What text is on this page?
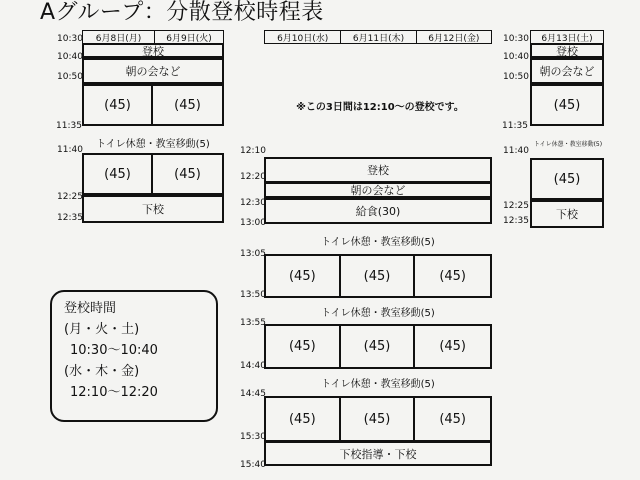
Aグループ：分散登校時程表
10:30	6月8日(月)	6月9日(火)
登校
10:40
朝の会など
10:50
(45)	(45)
11:35
トイレ休憩・教室移動(5)
11:40
(45)	(45)
12:25
下校
12:35
6月10日(水)	6月11日(木)	6月12日(金)
※この3日間は12:10～の登校です。
12:10
登校
12:20
朝の会など
12:30
給食(30)
13:00
トイレ休憩・教室移動(5)
13:05
(45)	(45)	(45)
13:50
トイレ休憩・教室移動(5)
13:55
(45)	(45)	(45)
14:40
トイレ休憩・教室移動(5)
14:45
(45)	(45)	(45)
15:30
下校指導・下校
15:40
10:30	6月13日(土)
登校
10:40
朝の会など
10:50
(45)
11:35
トイレ休憩・教室移動(5)
11:40
(45)
12:25
下校
12:35
登校時間
(月・火・土)
10:30～10:40
(水・木・金)
12:10～12:20
